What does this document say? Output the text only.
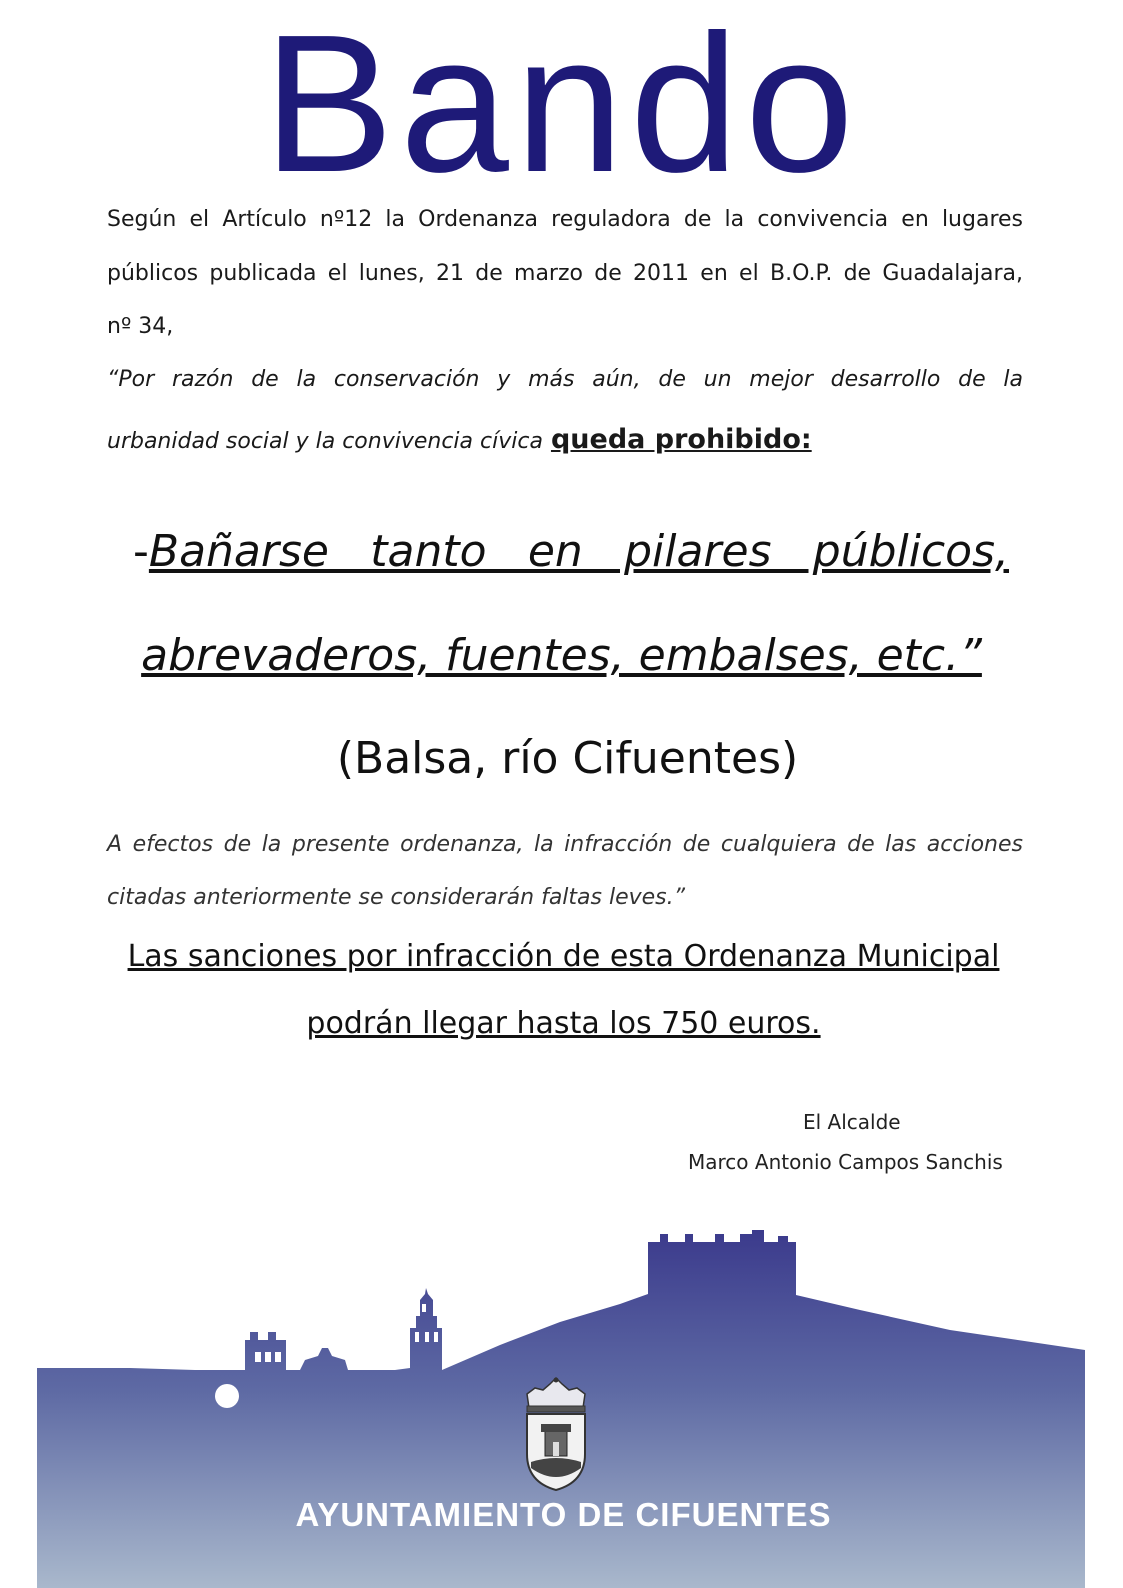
Bando

Según el Artículo nº12 la Ordenanza reguladora de la convivencia en lugares

públicos publicada el lunes, 21 de marzo de 2011 en el B.O.P. de Guadalajara,

nº 34,

“Por razón de la conservación y más aún, de un mejor desarrollo de la

urbanidad social y la convivencia cívica queda prohibido:

-Bañarse tanto en pilares públicos,

abrevaderos, fuentes, embalses, etc.”

(Balsa, río Cifuentes)

A efectos de la presente ordenanza, la infracción de cualquiera de las acciones

citadas anteriormente se considerarán faltas leves.”

Las sanciones por infracción de esta Ordenanza Municipal

podrán llegar hasta los 750 euros.

El Alcalde

Marco Antonio Campos Sanchis

AYUNTAMIENTO DE CIFUENTES
